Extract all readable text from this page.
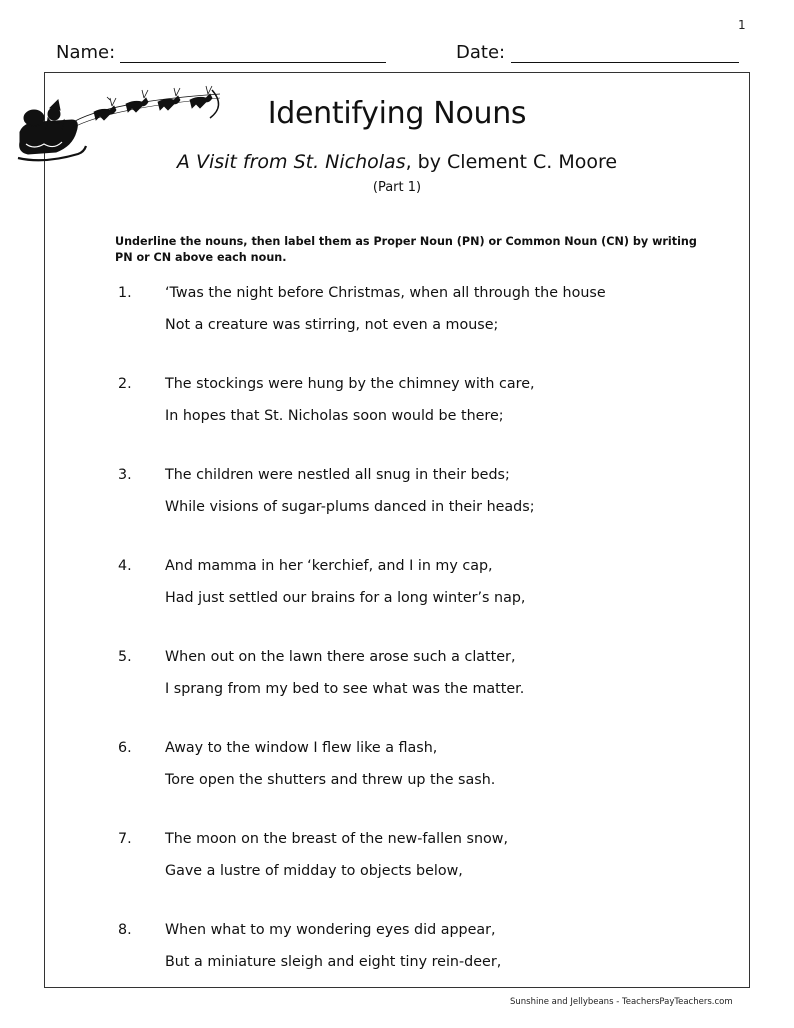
1
Name:	Date:
Identifying Nouns
A Visit from St. Nicholas, by Clement C. Moore
(Part 1)
Underline the nouns, then label them as Proper Noun (PN) or Common Noun (CN) by writing PN or CN above each noun.
1. ‘Twas the night before Christmas, when all through the house
Not a creature was stirring, not even a mouse;
2. The stockings were hung by the chimney with care,
In hopes that St. Nicholas soon would be there;
3. The children were nestled all snug in their beds;
While visions of sugar-plums danced in their heads;
4. And mamma in her ‘kerchief, and I in my cap,
Had just settled our brains for a long winter’s nap,
5. When out on the lawn there arose such a clatter,
I sprang from my bed to see what was the matter.
6. Away to the window I flew like a flash,
Tore open the shutters and threw up the sash.
7. The moon on the breast of the new-fallen snow,
Gave a lustre of midday to objects below,
8. When what to my wondering eyes did appear,
But a miniature sleigh and eight tiny rein-deer,
Sunshine and Jellybeans - TeachersPayTeachers.com
